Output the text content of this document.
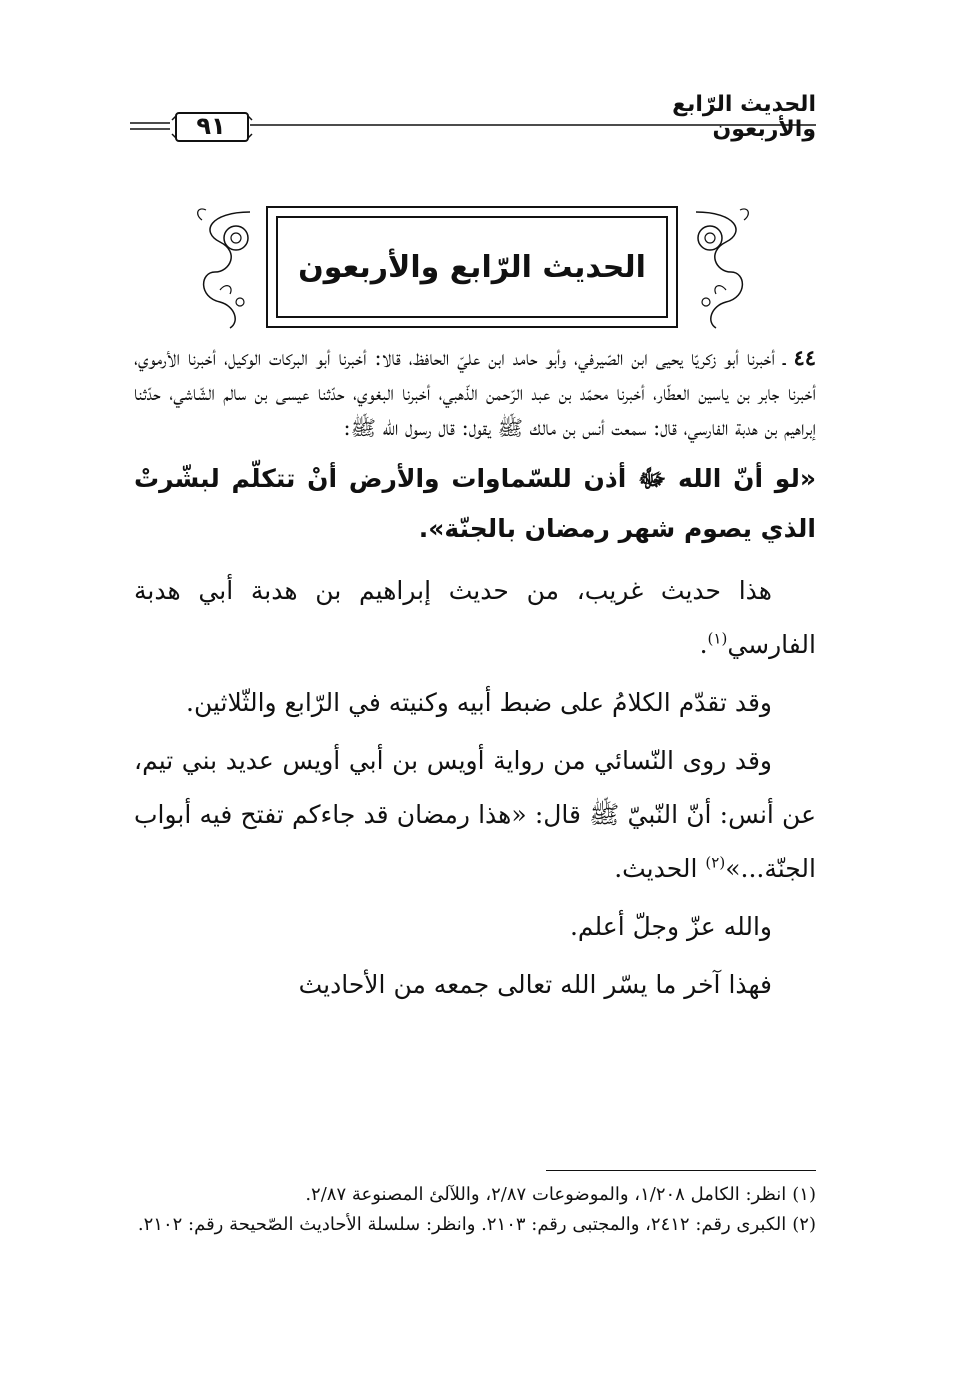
الحديث الرّابع والأربعون
٩١
الحديث الرّابع والأربعون

٤٤ ـ أخبرنا أبو زكريّا يحيى ابن الصّيرفي، وأبو حامد ابن عليّ الحافظ، قالا: أخبرنا أبو البركات الوكيل، أخبرنا الأرموي، أخبرنا جابر بن ياسين العطّار، أخبرنا محمّد بن عبد الرّحمن الذّهبي، أخبرنا البغوي، حدّثنا عيسى بن سالم الشّاشي، حدّثنا إبراهيم بن هدبة الفارسي، قال: سمعت أنس بن مالك ﷺ يقول: قال رسول الله ﷺ:

«لو أنّ الله ﷻ أذن للسّماوات والأرض أنْ تتكلّم لبشّرتْ الذي يصوم شهر رمضان بالجنّة».

هذا حديث غريب، من حديث إبراهيم بن هدبة أبي هدبة الفارسي$^{(١)}$.

وقد تقدّم الكلامُ على ضبط أبيه وكنيته في الرّابع والثّلاثين.

وقد روى النّسائي من رواية أويس بن أبي أويس عديد بني تيم، عن أنس: أنّ النّبيّ ﷺ قال: «هذا رمضان قد جاءكم تفتح فيه أبواب الجنّة...»$^{(٢)}$ الحديث.

والله عزّ وجلّ أعلم.

فهذا آخر ما يسّر الله تعالى جمعه من الأحاديث

(١)انظر: الكامل ١/٢٠٨، والموضوعات ٢/٨٧، واللآلئ المصنوعة ٢/٨٧.

(٢)الكبرى رقم: ٢٤١٢، والمجتبى رقم: ٢١٠٣. وانظر: سلسلة الأحاديث الصّحيحة رقم: ٢١٠٢.
